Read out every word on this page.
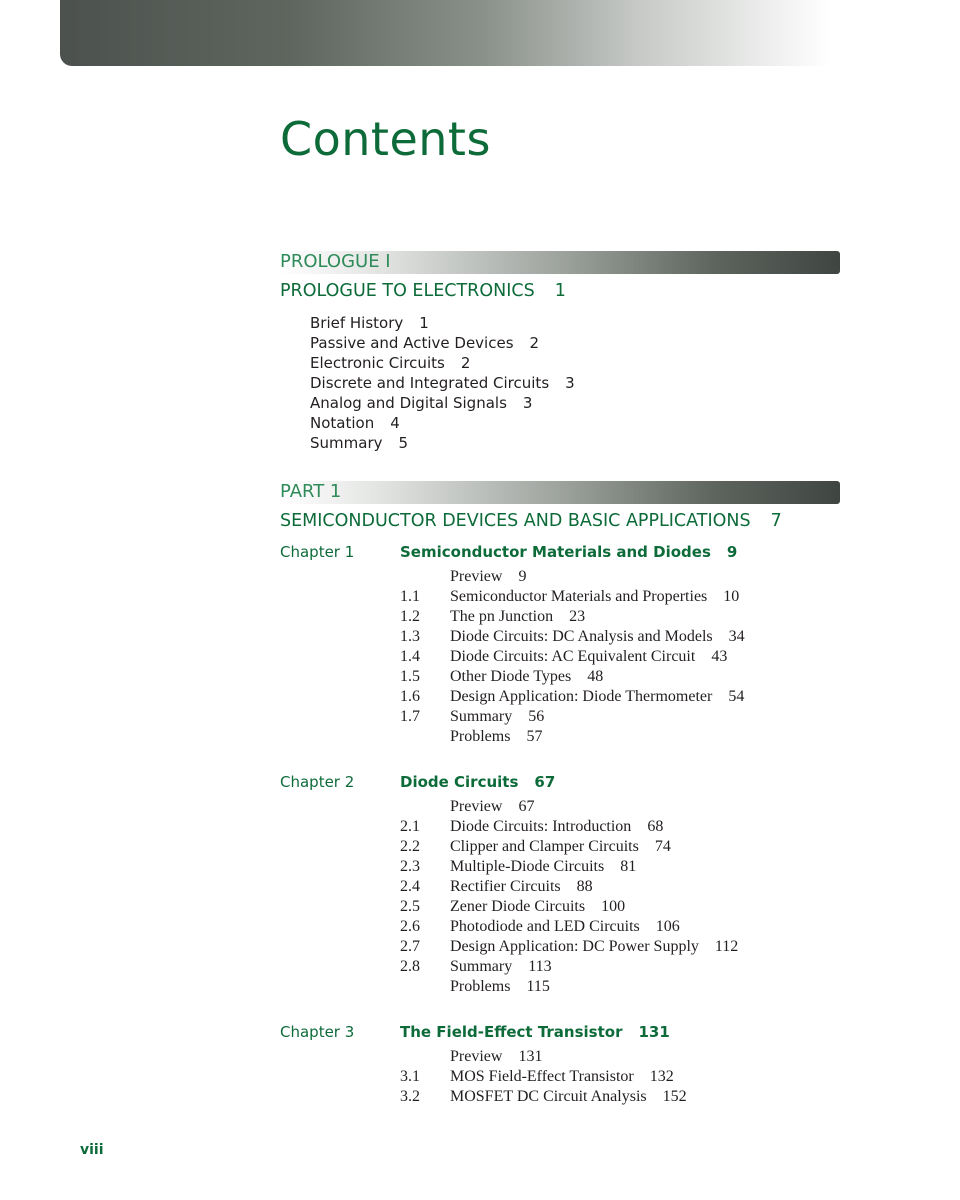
Contents
PROLOGUE I
PROLOGUE TO ELECTRONICS 1
Brief History 1
Passive and Active Devices 2
Electronic Circuits 2
Discrete and Integrated Circuits 3
Analog and Digital Signals 3
Notation 4
Summary 5
PART 1
SEMICONDUCTOR DEVICES AND BASIC APPLICATIONS 7
Chapter 1	Semiconductor Materials and Diodes 9
Preview 9
1.1 Semiconductor Materials and Properties 10
1.2 The pn Junction 23
1.3 Diode Circuits: DC Analysis and Models 34
1.4 Diode Circuits: AC Equivalent Circuit 43
1.5 Other Diode Types 48
1.6 Design Application: Diode Thermometer 54
1.7 Summary 56
Problems 57
Chapter 2	Diode Circuits 67
Preview 67
2.1 Diode Circuits: Introduction 68
2.2 Clipper and Clamper Circuits 74
2.3 Multiple-Diode Circuits 81
2.4 Rectifier Circuits 88
2.5 Zener Diode Circuits 100
2.6 Photodiode and LED Circuits 106
2.7 Design Application: DC Power Supply 112
2.8 Summary 113
Problems 115
Chapter 3	The Field-Effect Transistor 131
Preview 131
3.1 MOS Field-Effect Transistor 132
3.2 MOSFET DC Circuit Analysis 152
viii
